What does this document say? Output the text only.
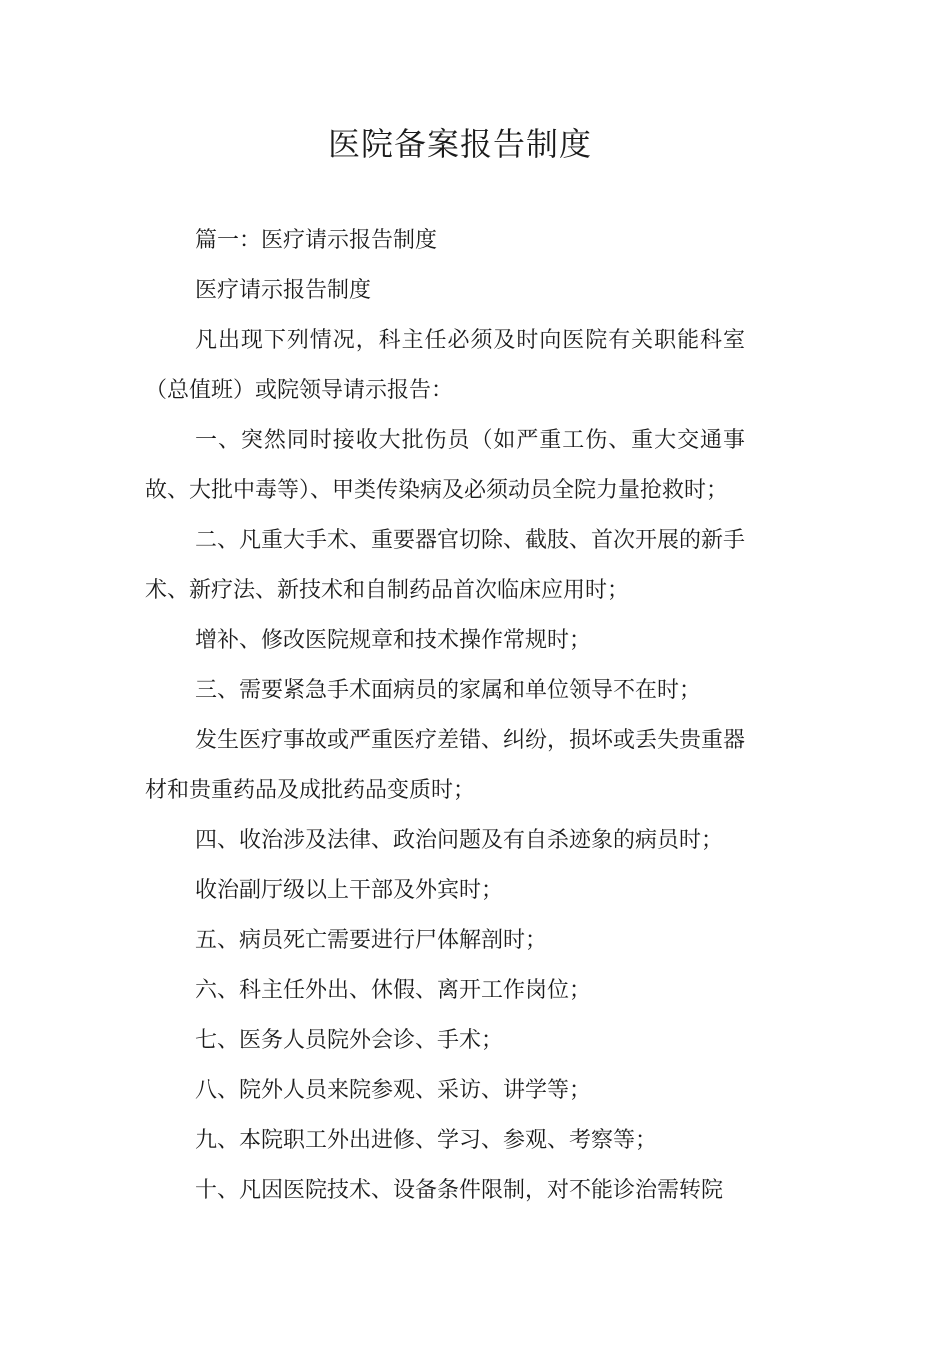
医院备案报告制度

篇一：医疗请示报告制度

医疗请示报告制度

凡出现下列情况，科主任必须及时向医院有关职能科室（总值班）或院领导请示报告：

一、突然同时接收大批伤员（如严重工伤、重大交通事故、大批中毒等）、甲类传染病及必须动员全院力量抢救时；

二、凡重大手术、重要器官切除、截肢、首次开展的新手术、新疗法、新技术和自制药品首次临床应用时；

增补、修改医院规章和技术操作常规时；

三、需要紧急手术面病员的家属和单位领导不在时；

发生医疗事故或严重医疗差错、纠纷，损坏或丢失贵重器材和贵重药品及成批药品变质时；

四、收治涉及法律、政治问题及有自杀迹象的病员时；

收治副厅级以上干部及外宾时；

五、病员死亡需要进行尸体解剖时；

六、科主任外出、休假、离开工作岗位；

七、医务人员院外会诊、手术；

八、院外人员来院参观、采访、讲学等；

九、本院职工外出进修、学习、参观、考察等；

十、凡因医院技术、设备条件限制，对不能诊治需转院
